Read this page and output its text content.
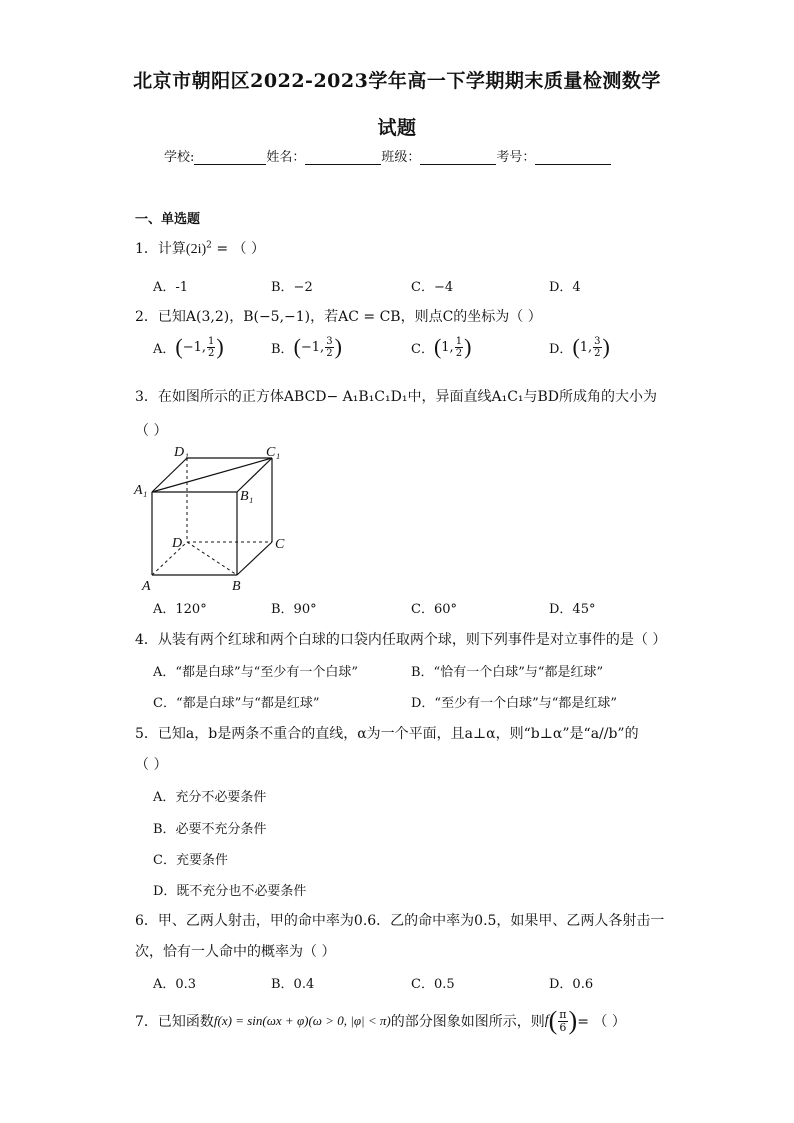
北京市朝阳区2022-2023学年高一下学期期末质量检测数学
试题
学校:	姓名：	班级：	考号：
一、单选题
1．计算$(2i)^2$ = （ ）
A．-1	B．−2	C．−4	D．4
2．已知A(3,2)，B(−5,−1)，若AC = CB，则点C的坐标为（ ）
A． ( −1, $\frac{1}{2}$ )	B． ( −1, $\frac{3}{2}$ )	C． ( 1, $\frac{1}{2}$ )	D． ( 1, $\frac{3}{2}$ )
3．在如图所示的正方体ABCD− A₁B₁C₁D₁中，异面直线A₁C₁与BD所成角的大小为
（ ）
D₁	C₁
A₁	B₁
D	C
A	B
A．120°	B．90°	C．60°	D．45°
4．从装有两个红球和两个白球的口袋内任取两个球，则下列事件是对立事件的是（ ）
A．“都是白球”与“至少有一个白球”	B．“恰有一个白球”与“都是红球”
C．“都是白球”与“都是红球”	D．“至少有一个白球”与“都是红球”
5．已知a，b是两条不重合的直线，α为一个平面，且a⊥α，则“b⊥α”是“a//b”的
（ ）
A．充分不必要条件
B．必要不充分条件
C．充要条件
D．既不充分也不必要条件
6．甲、乙两人射击，甲的命中率为0.6．乙的命中率为0.5，如果甲、乙两人各射击一
次，恰有一人命中的概率为（ ）
A．0.3	B．0.4	C．0.5	D．0.6
7．已知函数 f(x) = sin(ωx + φ)(ω > 0, |φ| < π) 的部分图象如图所示，则 f ( $\frac{\pi}{6}$ ) = （ ）
